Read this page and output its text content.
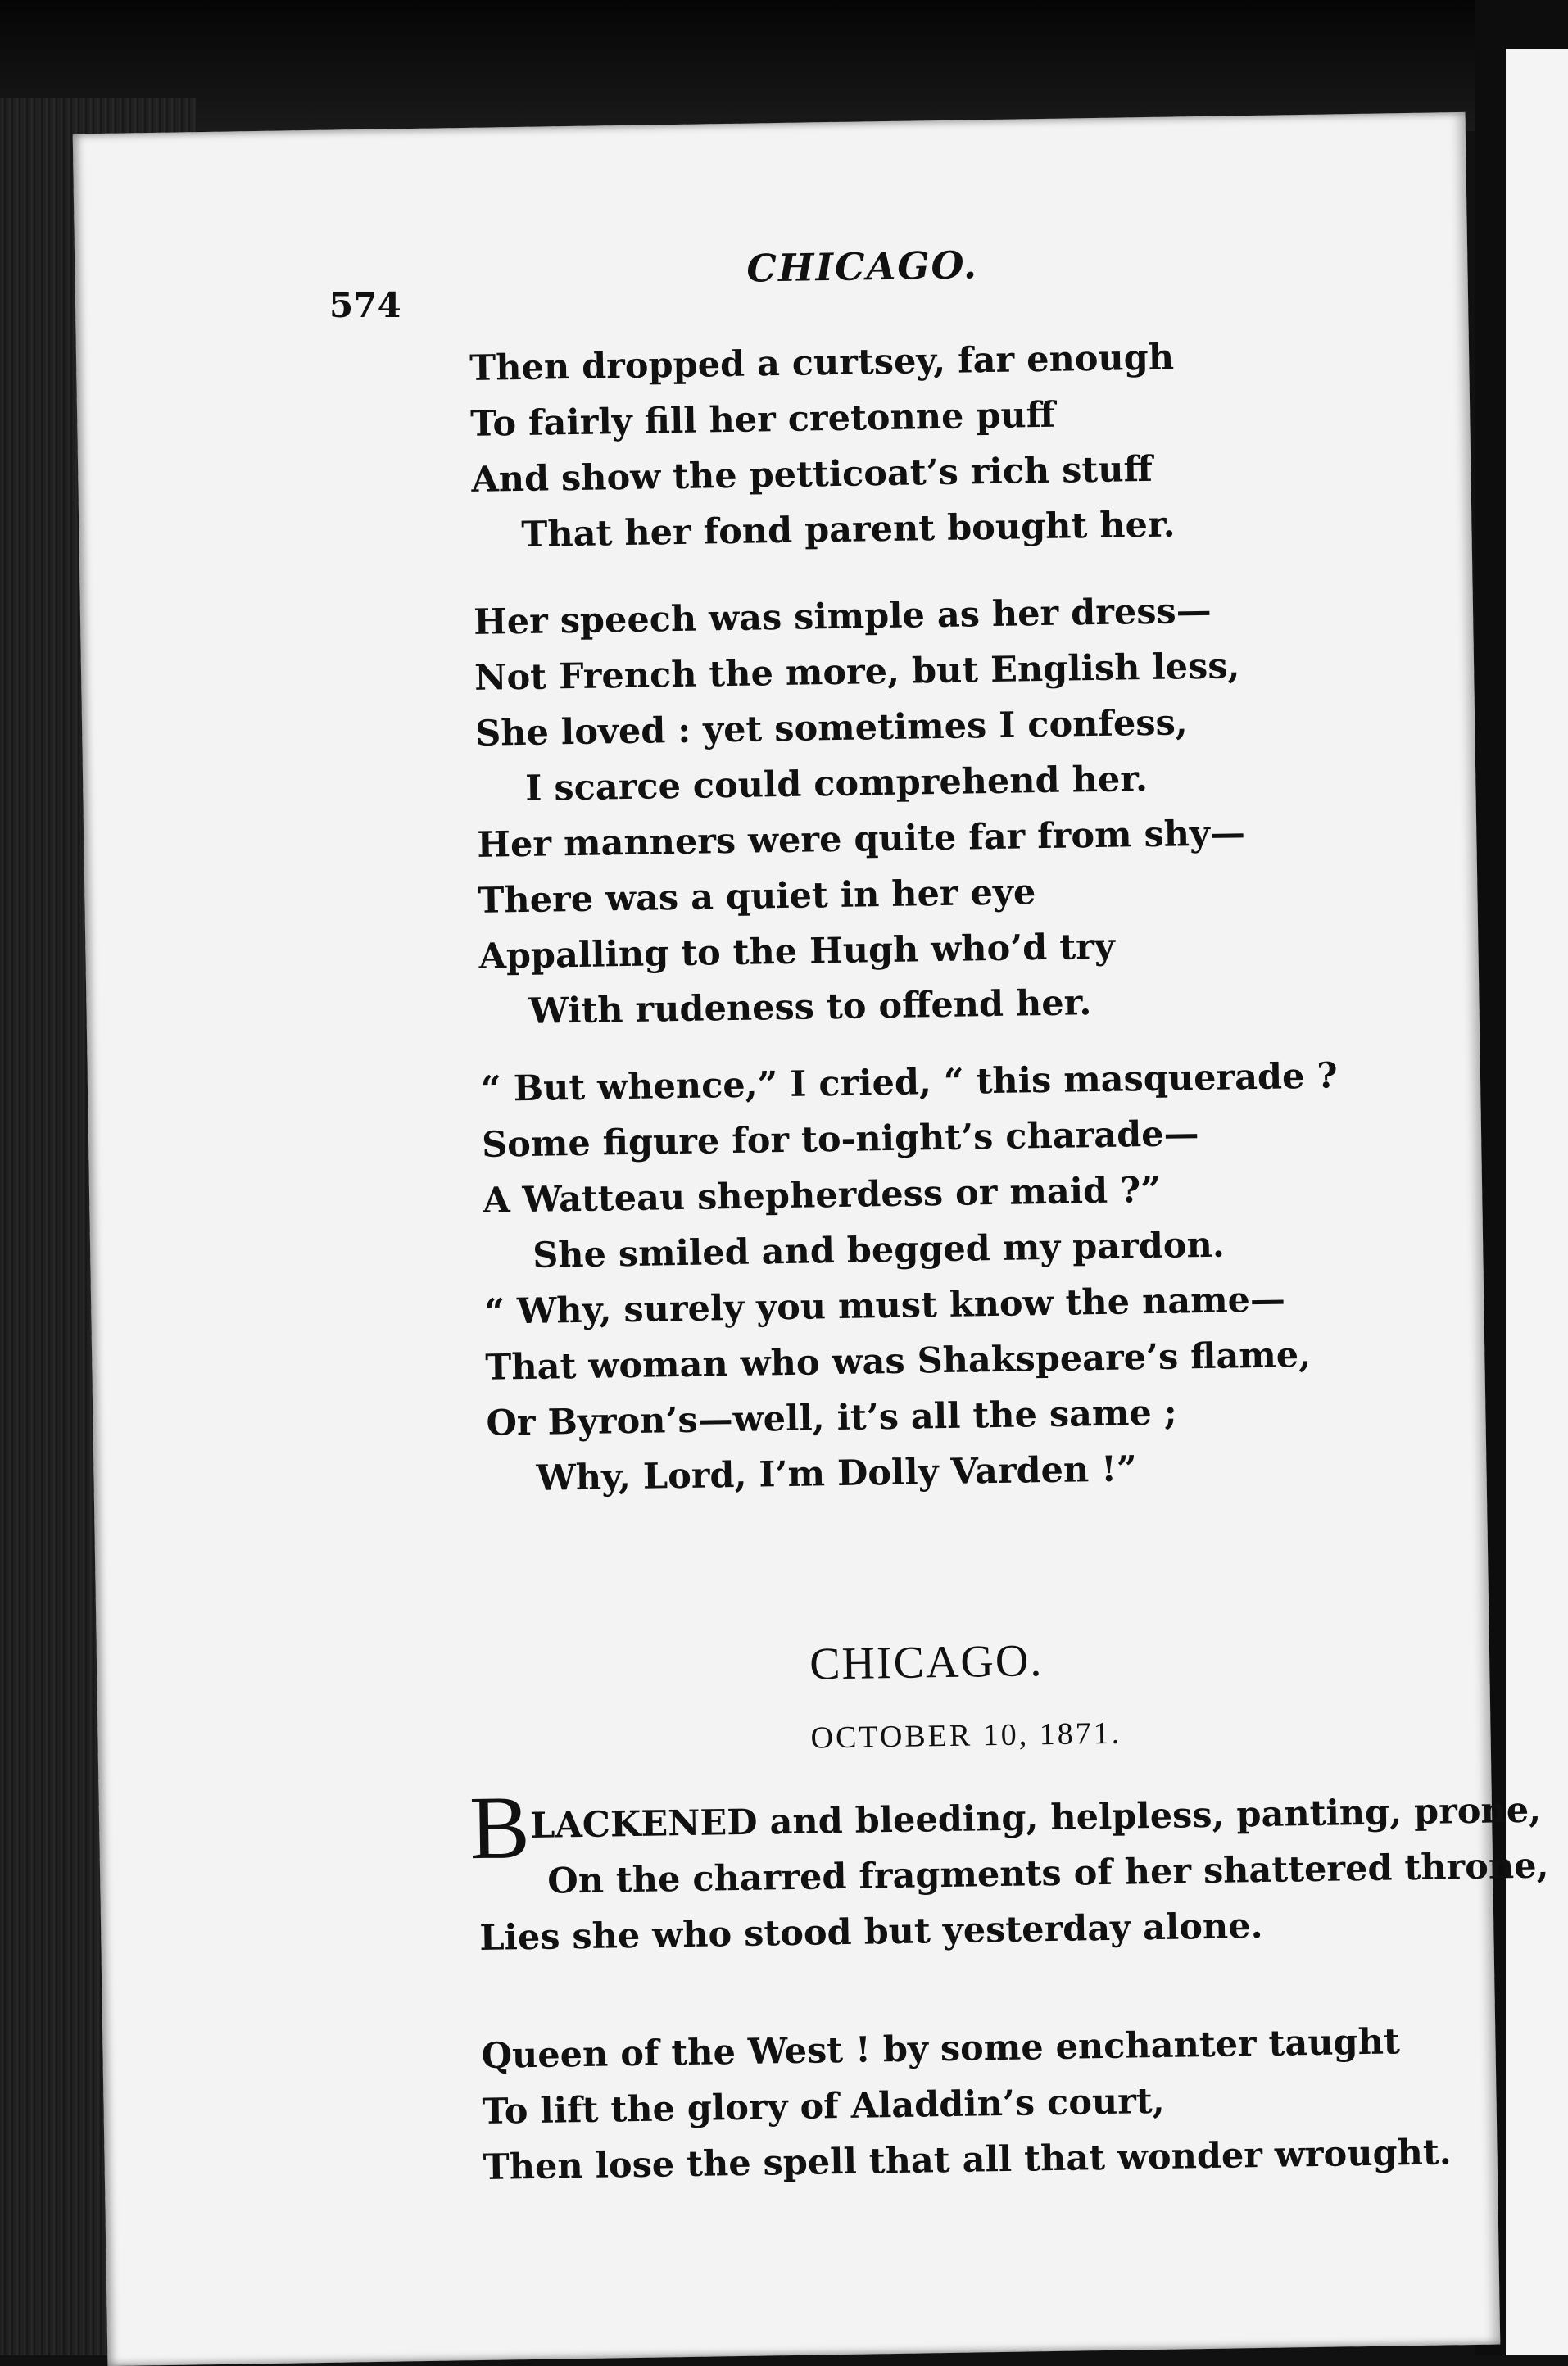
574
CHICAGO.
Then dropped a curtsey, far enough
To fairly fill her cretonne puff
And show the petticoat’s rich stuff
That her fond parent bought her.
Her speech was simple as her dress—
Not French the more, but English less,
She loved : yet sometimes I confess,
I scarce could comprehend her.
Her manners were quite far from shy—
There was a quiet in her eye
Appalling to the Hugh who’d try
With rudeness to offend her.
“ But whence,” I cried, “ this masquerade ?
Some figure for to-night’s charade—
A Watteau shepherdess or maid ?”
She smiled and begged my pardon.
“ Why, surely you must know the name—
That woman who was Shakspeare’s flame,
Or Byron’s—well, it’s all the same ;
Why, Lord, I’m Dolly Varden !”
CHICAGO.
OCTOBER 10, 1871.
B LACKENED and bleeding, helpless, panting, prone,
On the charred fragments of her shattered throne,
Lies she who stood but yesterday alone.
Queen of the West ! by some enchanter taught
To lift the glory of Aladdin’s court,
Then lose the spell that all that wonder wrought.
